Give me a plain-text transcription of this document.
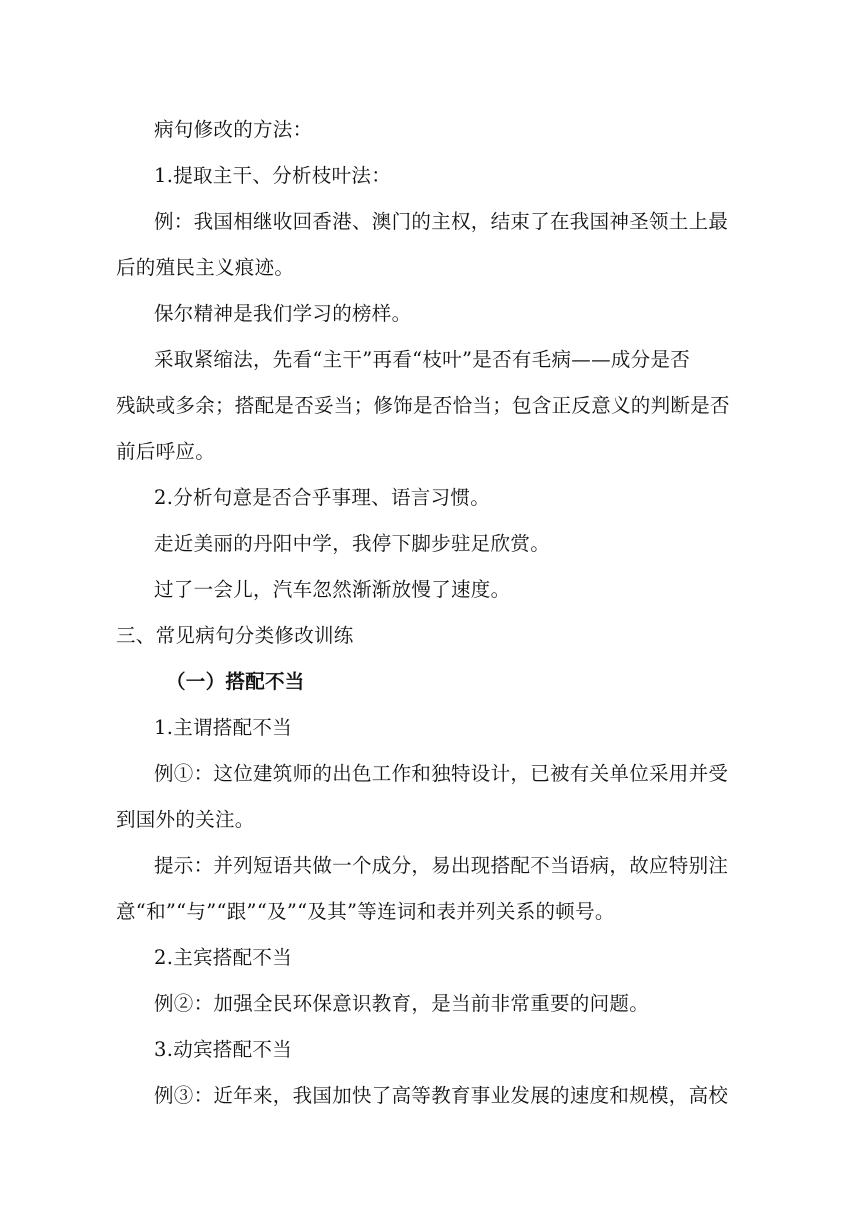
病句修改的方法：
1.提取主干、分析枝叶法：
例：我国相继收回香港、澳门的主权，结束了在我国神圣领土上最
后的殖民主义痕迹。
保尔精神是我们学习的榜样。
采取紧缩法，先看“主干”再看“枝叶”是否有毛病——成分是否
残缺或多余；搭配是否妥当；修饰是否恰当；包含正反意义的判断是否
前后呼应。
2.分析句意是否合乎事理、语言习惯。
走近美丽的丹阳中学，我停下脚步驻足欣赏。
过了一会儿，汽车忽然渐渐放慢了速度。
三、常见病句分类修改训练
（一）搭配不当
1.主谓搭配不当
例①：这位建筑师的出色工作和独特设计，已被有关单位采用并受
到国外的关注。
提示：并列短语共做一个成分，易出现搭配不当语病，故应特别注
意“和”“与”“跟”“及”“及其”等连词和表并列关系的顿号。
2.主宾搭配不当
例②：加强全民环保意识教育，是当前非常重要的问题。
3.动宾搭配不当
例③：近年来，我国加快了高等教育事业发展的速度和规模，高校
